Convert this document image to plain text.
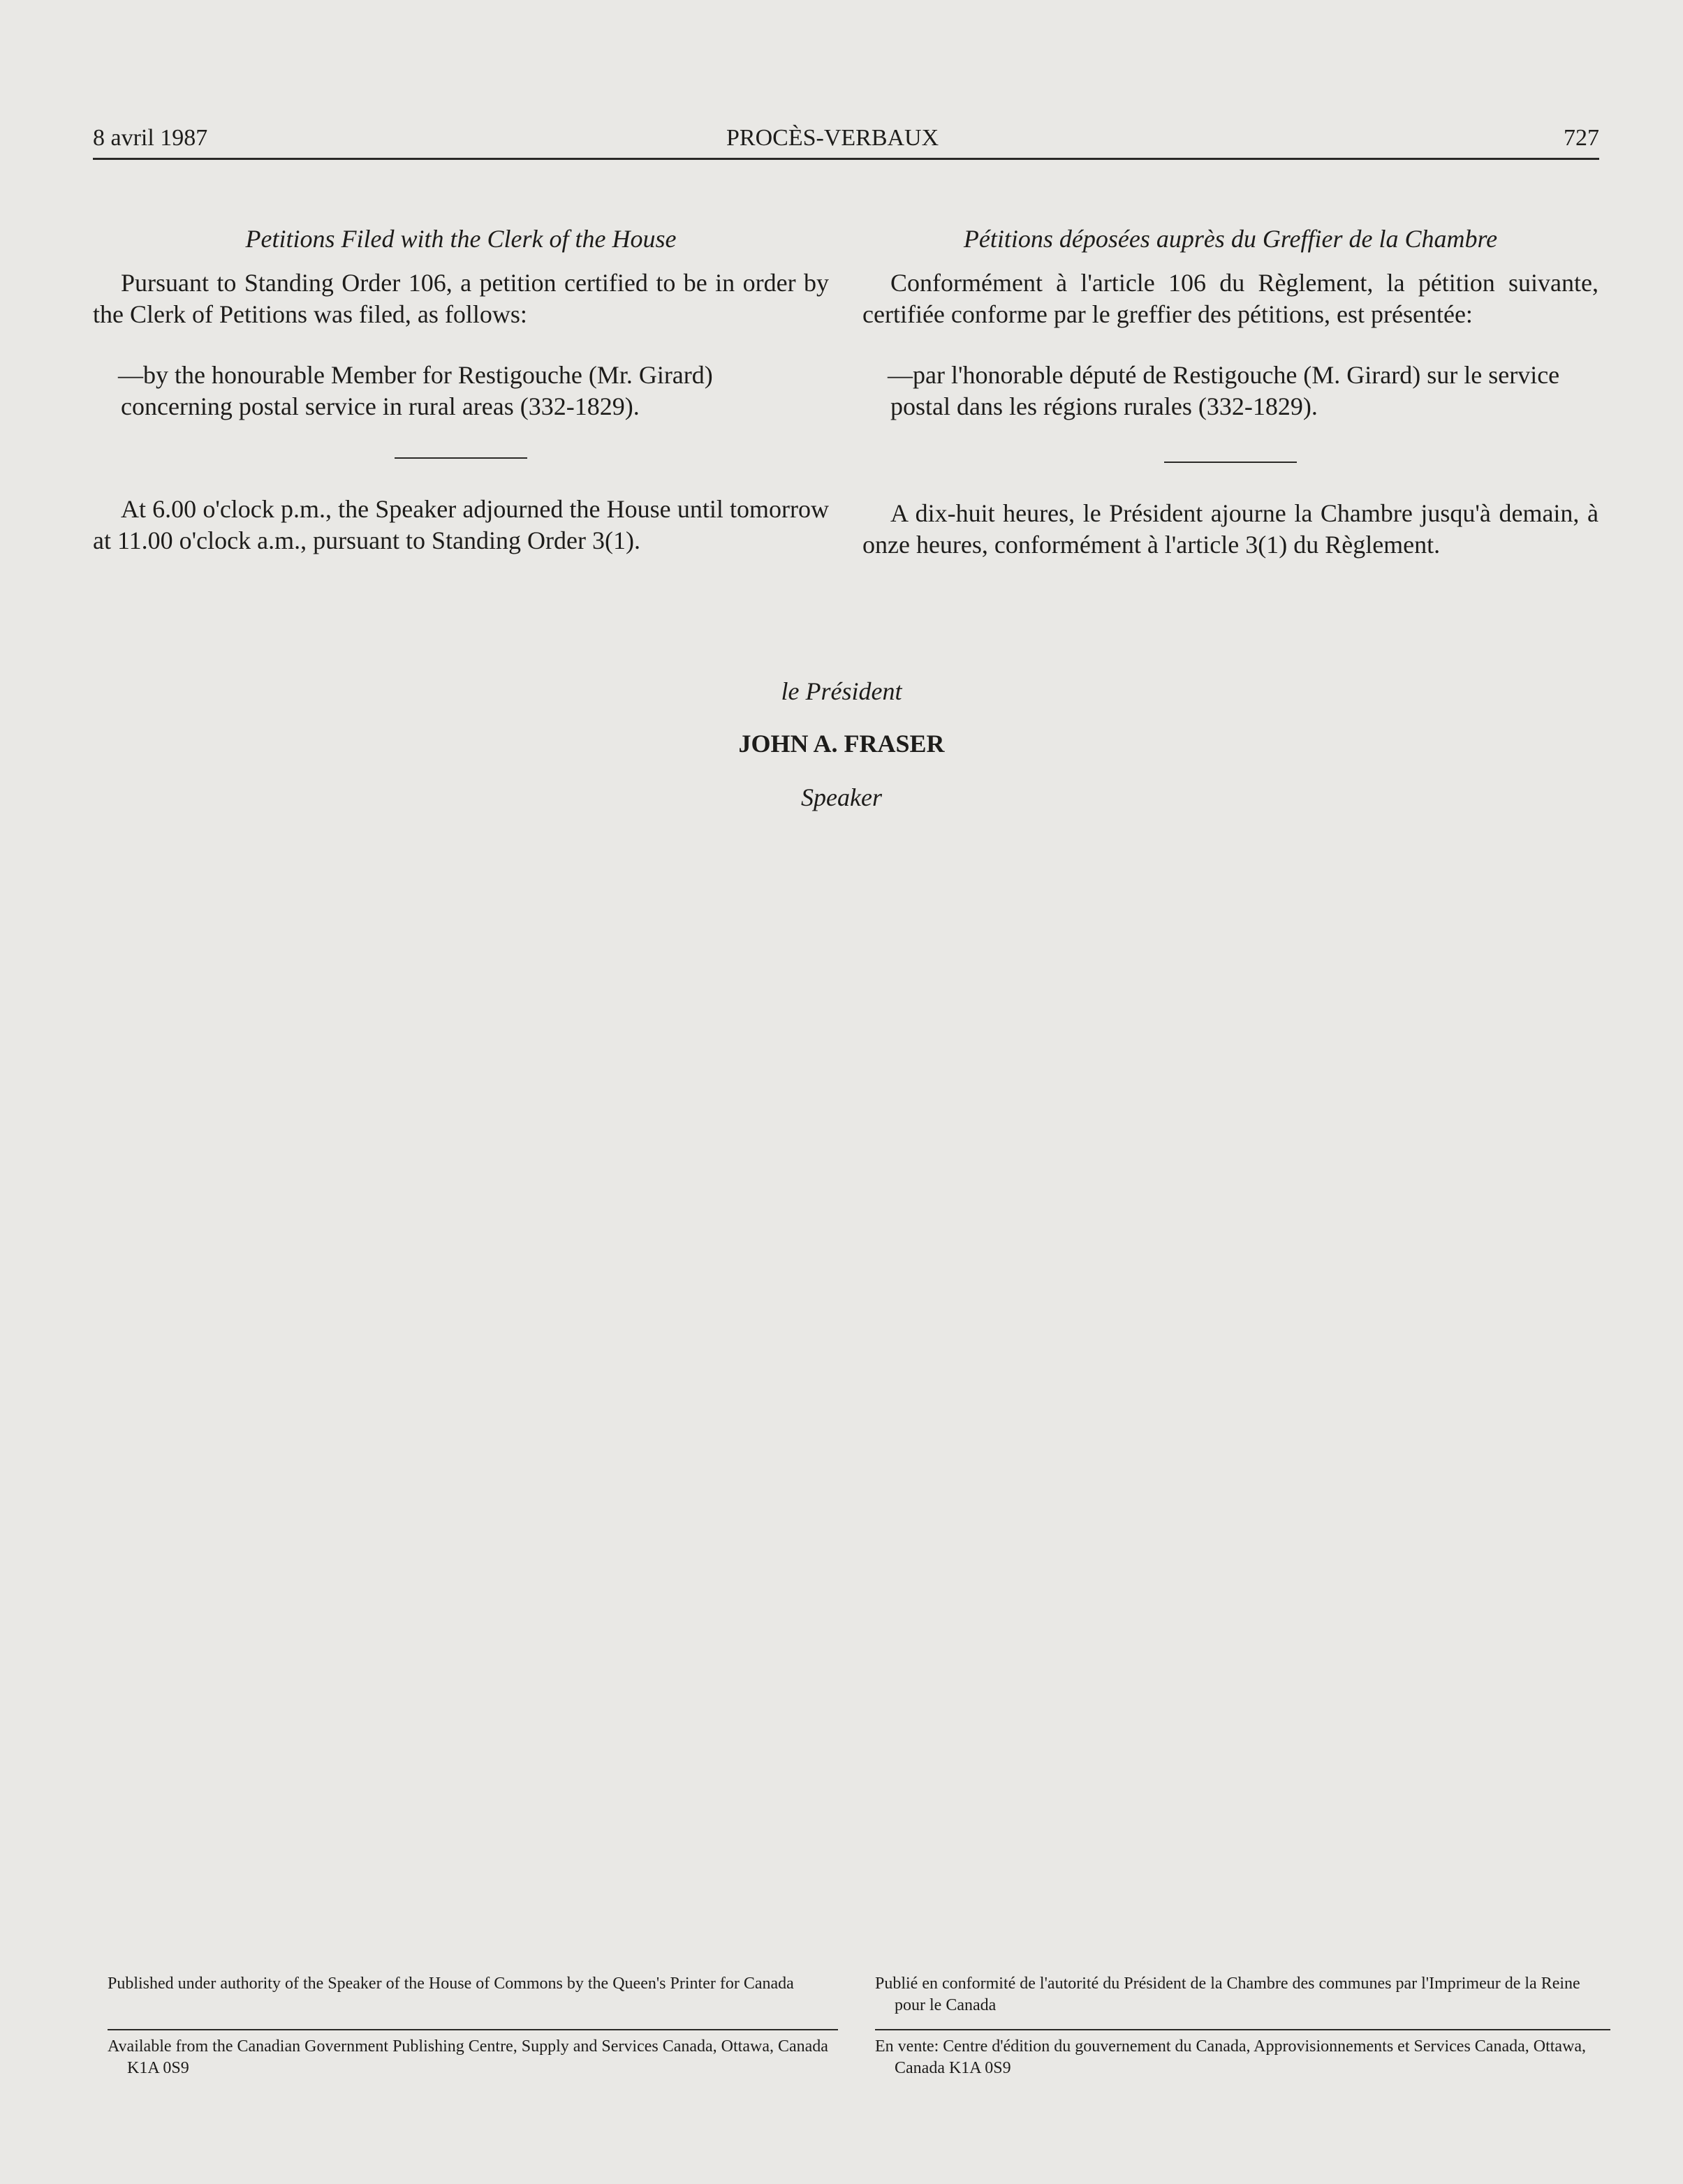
8 avril 1987	PROCÈS-VERBAUX	727

Petitions Filed with the Clerk of the House

Pursuant to Standing Order 106, a petition certified to be in order by the Clerk of Petitions was filed, as follows:

—by the honourable Member for Restigouche (Mr. Girard) concerning postal service in rural areas (332-1829).

At 6.00 o'clock p.m., the Speaker adjourned the House until tomorrow at 11.00 o'clock a.m., pursuant to Standing Order 3(1).

Pétitions déposées auprès du Greffier de la Chambre

Conformément à l'article 106 du Règlement, la pétition suivante, certifiée conforme par le greffier des pétitions, est présentée:

—par l'honorable député de Restigouche (M. Girard) sur le service postal dans les régions rurales (332-1829).

A dix-huit heures, le Président ajourne la Chambre jusqu'à demain, à onze heures, conformément à l'article 3(1) du Règlement.

le Président
JOHN A. FRASER
Speaker

Published under authority of the Speaker of the House of Commons by the Queen's Printer for Canada	Publié en conformité de l'autorité du Président de la Chambre des communes par l'Imprimeur de la Reine pour le Canada

Available from the Canadian Government Publishing Centre, Supply and Services Canada, Ottawa, Canada K1A 0S9

En vente: Centre d'édition du gouvernement du Canada, Approvisionnements et Services Canada, Ottawa, Canada K1A 0S9
